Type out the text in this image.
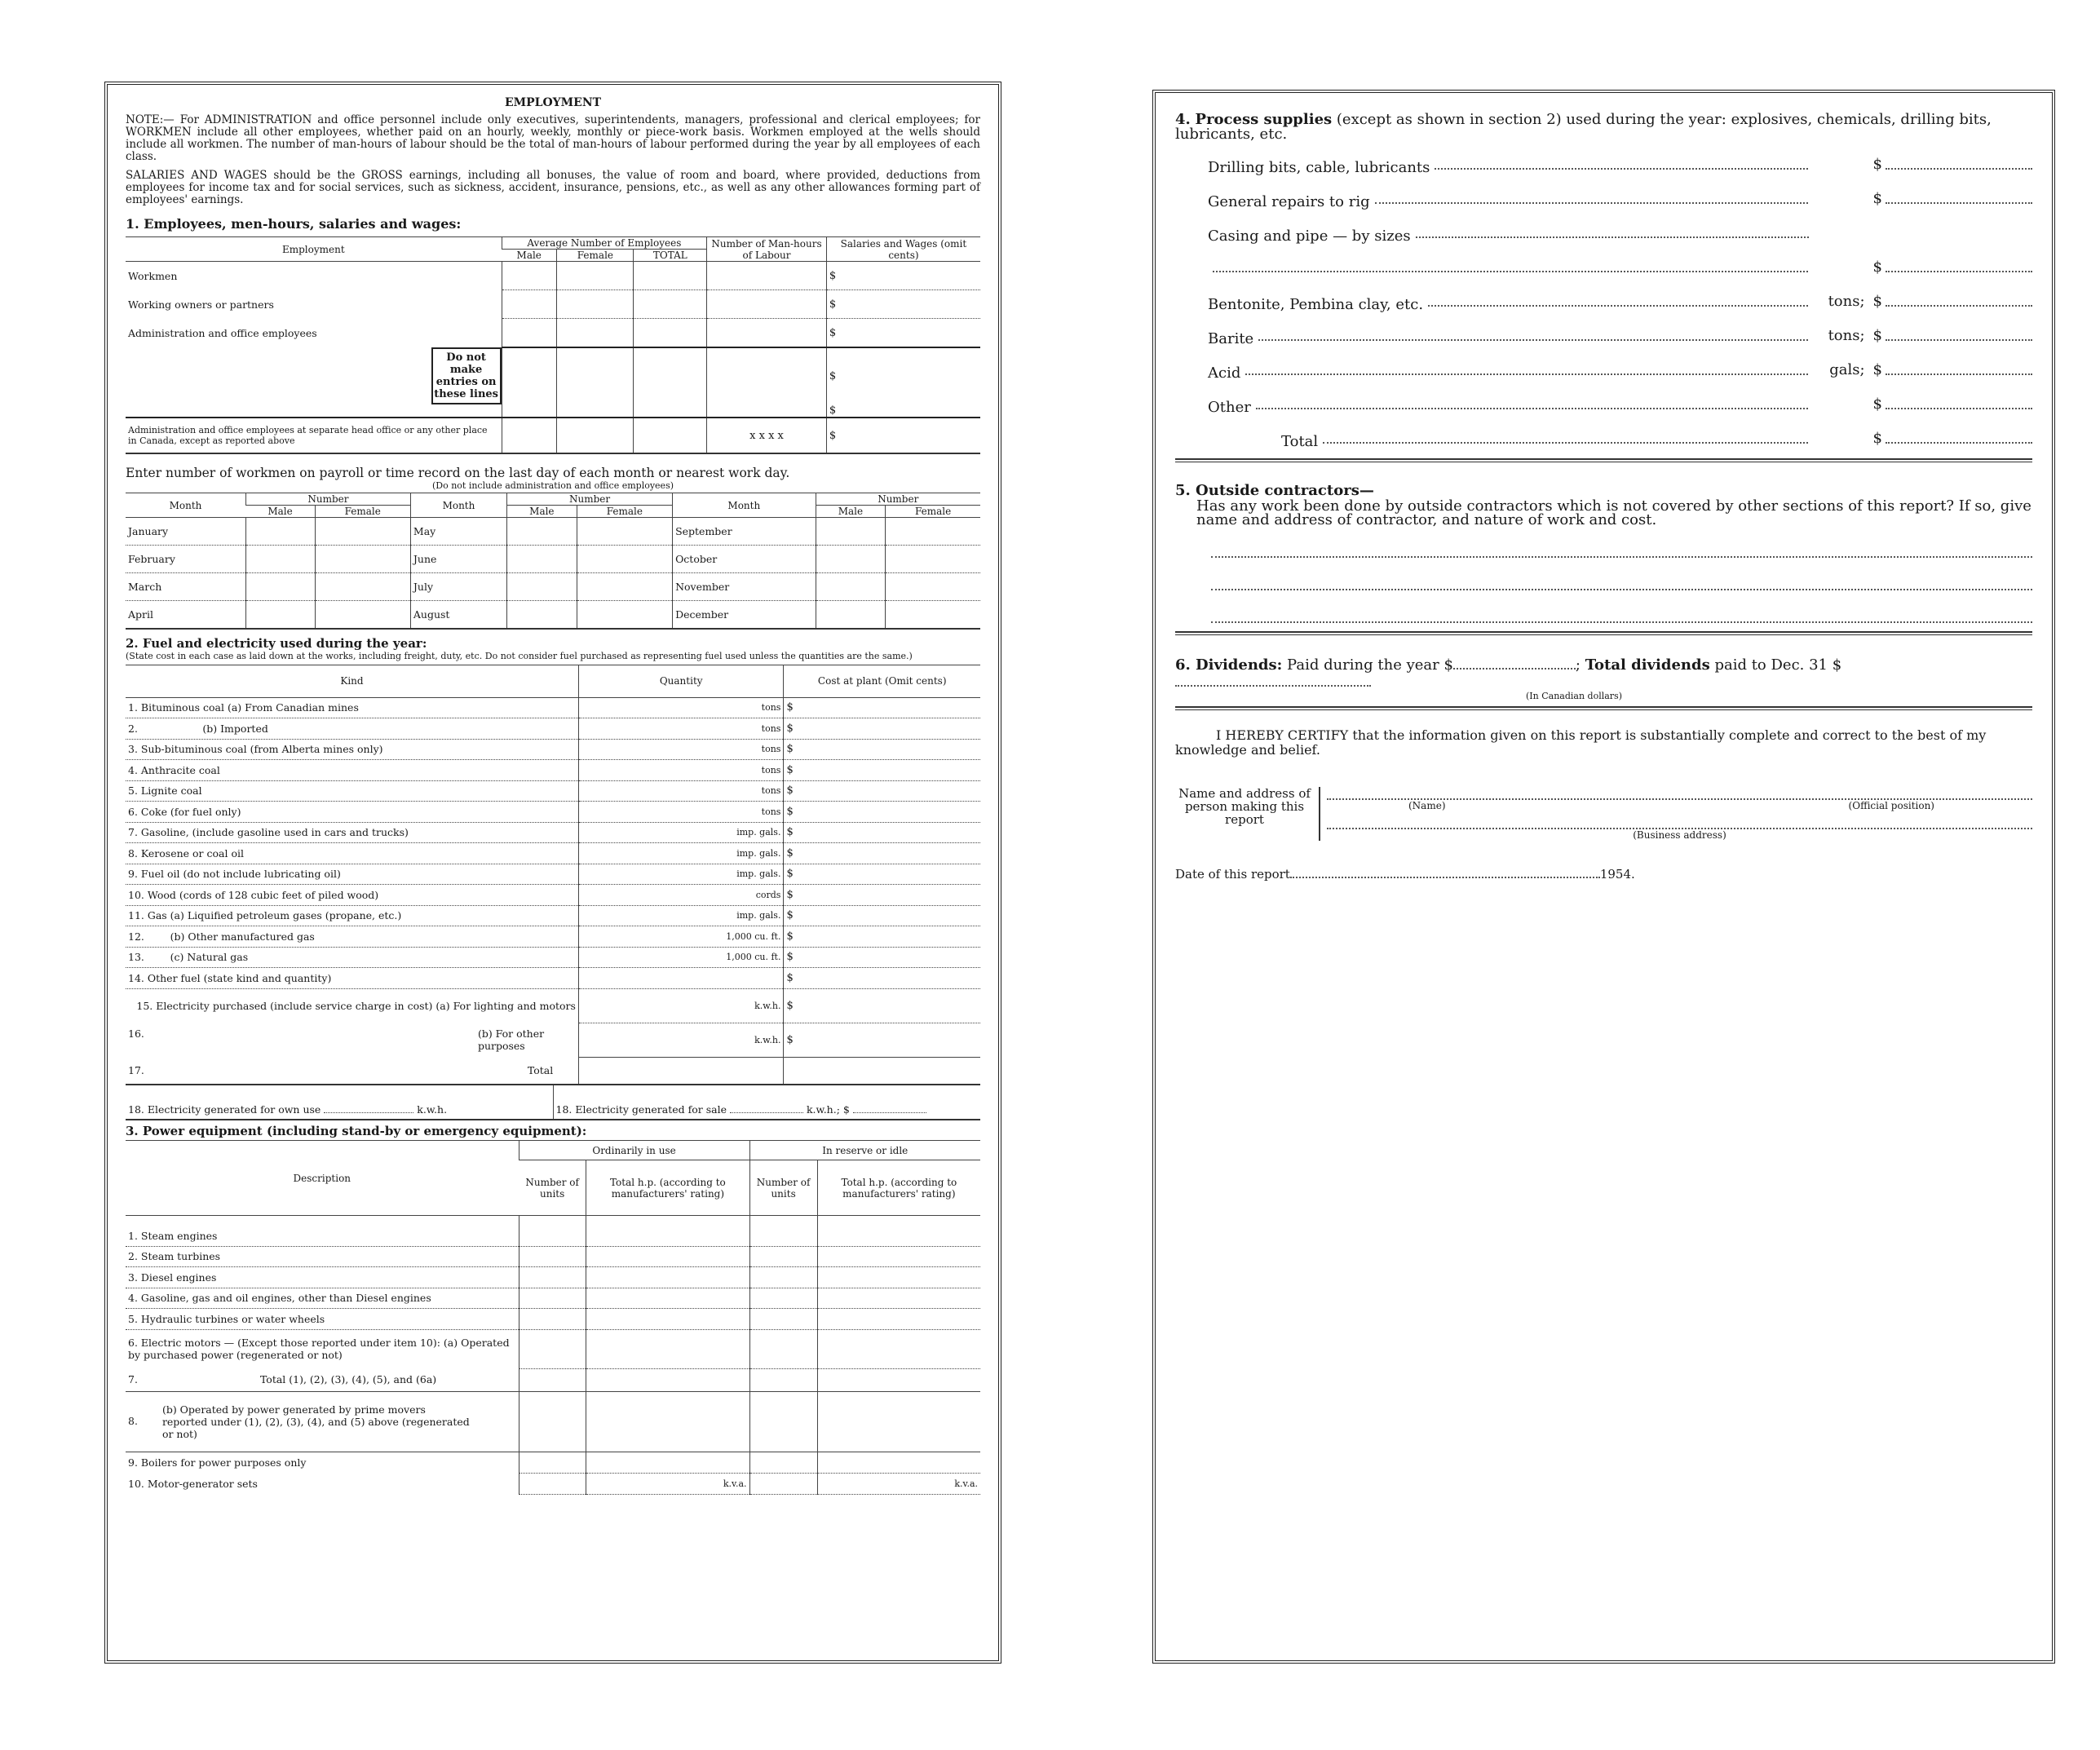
EMPLOYMENT

NOTE:— For ADMINISTRATION and office personnel include only executives, superintendents, managers, professional and clerical employees; for WORKMEN include all other employees, whether paid on an hourly, weekly, monthly or piece-work basis. Workmen employed at the wells should include all workmen. The number of man-hours of labour should be the total of man-hours of labour performed during the year by all employees of each class.

SALARIES AND WAGES should be the GROSS earnings, including all bonuses, the value of room and board, where provided, deductions from employees for income tax and for social services, such as sickness, accident, insurance, pensions, etc., as well as any other allowances forming part of employees' earnings.

1. Employees, men-hours, salaries and wages:
Employment	Average Number of Employees			Number of Man-hours of Labour	Salaries and Wages (omit cents)
	Male	Female	TOTAL		
Workmen					$
Working owners or partners					$
Administration and office employees					$
Do not make entries on these lines					$
					$
Administration and office employees at separate head office or any other place in Canada, except as reported above				x x x x	$
Enter number of workmen on payroll or time record on the last day of each month or nearest work day.
(Do not include administration and office employees)
Month	Number		Month	Number		Month	Number	
	Male	Female		Male	Female		Male	Female
January			May			September		
February			June			October		
March			July			November		
April			August			December		
2. Fuel and electricity used during the year:
(State cost in each case as laid down at the works, including freight, duty, etc. Do not consider fuel purchased as representing fuel used unless the quantities are the same.)
Kind	Quantity	Cost at plant (Omit cents)
1. Bituminous coal (a) From Canadian mines	tons	$
2.                    (b) Imported	tons	$
3. Sub-bituminous coal (from Alberta mines only)	tons	$
4. Anthracite coal	tons	$
5. Lignite coal	tons	$
6. Coke (for fuel only)	tons	$
7. Gasoline, (include gasoline used in cars and trucks)	imp. gals.	$
8. Kerosene or coal oil	imp. gals.	$
9. Fuel oil (do not include lubricating oil)	imp. gals.	$
10. Wood (cords of 128 cubic feet of piled wood)	cords	$
11. Gas (a) Liquified petroleum gases (propane, etc.)	imp. gals.	$
12.        (b) Other manufactured gas	1,000 cu. ft.	$
13.        (c) Natural gas	1,000 cu. ft.	$
14. Other fuel (state kind and quantity)		$
15. Electricity purchased (include service charge in cost) (a) For lighting and motors	k.w.h.	$
16. (b) For other purposes	k.w.h.	$
17. Total		
18. Electricity generated for own use	k.w.h.	18. Electricity generated for sale	k.w.h.; $
3. Power equipment (including stand-by or emergency equipment):
Description	Ordinarily in use		In reserve or idle	
	Number of units	Total h.p. (according to manufacturers' rating)	Number of units	Total h.p. (according to manufacturers' rating)

1. Steam engines				
2. Steam turbines				
3. Diesel engines				
4. Gasoline, gas and oil engines, other than Diesel engines				
5. Hydraulic turbines or water wheels				
6. Electric motors — (Except those reported under item 10): (a) Operated by purchased power (regenerated or not)				
7. Total (1), (2), (3), (4), (5), and (6a)				
8.(b) Operated by power generated by prime movers reported under (1), (2), (3), (4), and (5) above (regenerated or not)				
9. Boilers for power purposes only				
10. Motor-generator sets		k.v.a.		k.v.a.
4. Process supplies (except as shown in section 2) used during the year: explosives, chemicals, drilling bits, lubricants, etc.
Drilling bits, cable, lubricants	$
General repairs to rig	$
Casing and pipe — by sizes
$
Bentonite, Pembina clay, etc.	tons; $
Barite	tons; $
Acid	gals; $
Other	$
Total	$
5. Outside contractors—
Has any work been done by outside contractors which is not covered by other sections of this report? If so, give name and address of contractor, and nature of work and cost.
6. Dividends: Paid during the year $	; Total dividends paid to Dec. 31 $
(In Canadian dollars)
I HEREBY CERTIFY that the information given on this report is substantially complete and correct to the best of my knowledge and belief.
Name and address of person making this report
(Name)	(Official position)
(Business address)
Date of this report	1954.
